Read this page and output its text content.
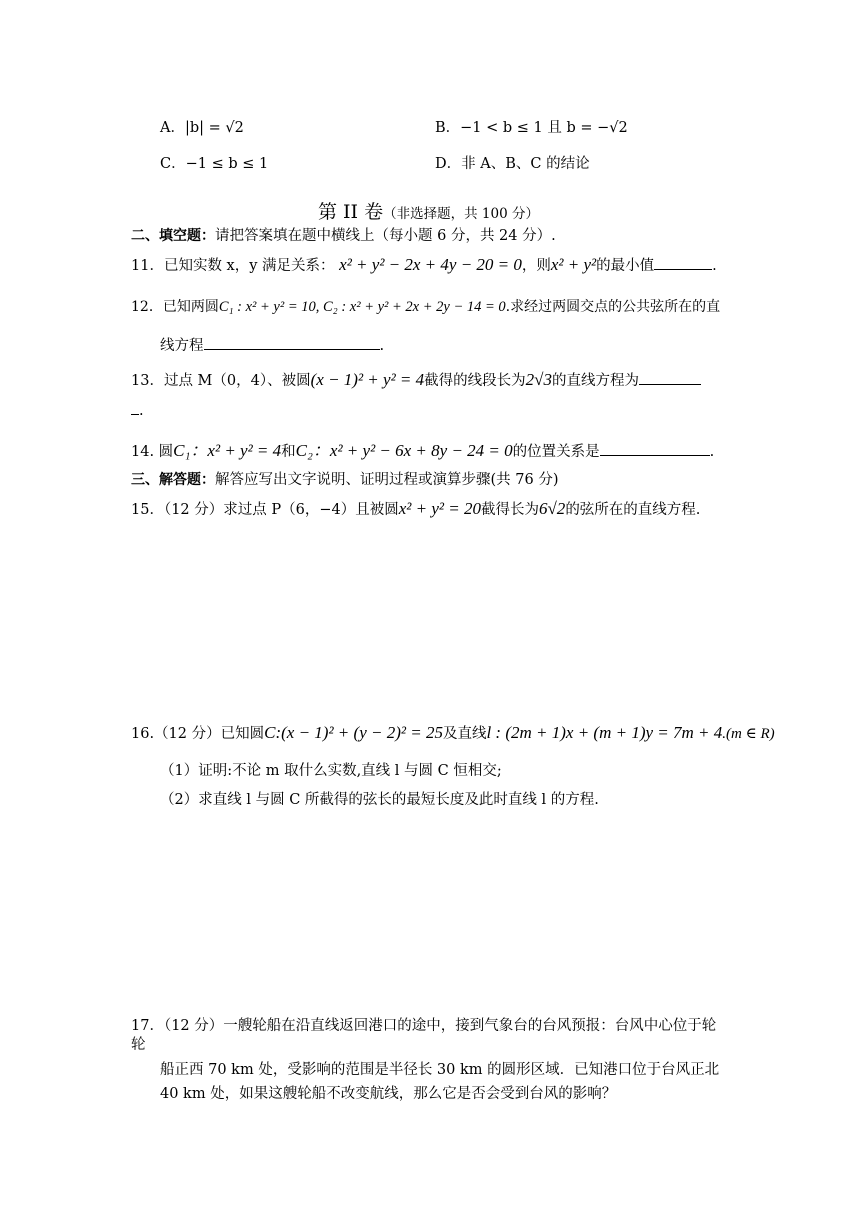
A．|b| = √2	B．−1 < b ≤ 1 且 b = −√2
C．−1 ≤ b ≤ 1	D．非 A、B、C 的结论
第 II 卷（非选择题，共 100 分）
二、填空题：请把答案填在题中横线上（每小题 6 分，共 24 分）.
11．已知实数 x，y 满足关系： x² + y² − 2x + 4y − 20 = 0，则x² + y²的最小值	.
12．已知两圆C₁ : x² + y² = 10, C₂ : x² + y² + 2x + 2y − 14 = 0.求经过两圆交点的公共弦所在的直
线方程	.
13．过点 M（0，4）、被圆(x − 1)² + y² = 4截得的线段长为2√3的直线方程为
.
14. 圆C₁：x² + y² = 4和C₂：x² + y² − 6x + 8y − 24 = 0的位置关系是	.
三、解答题：解答应写出文字说明、证明过程或演算步骤(共 76 分)
15．（12 分）求过点 P（6，−4）且被圆x² + y² = 20截得长为6√2的弦所在的直线方程.
16.（12 分）已知圆C:(x − 1)² + (y − 2)² = 25及直线l : (2m + 1)x + (m + 1)y = 7m + 4.(m ∈ R)
（1）证明:不论 m 取什么实数,直线 l 与圆 C 恒相交;
（2）求直线 l 与圆 C 所截得的弦长的最短长度及此时直线 l 的方程.
17．（12 分）一艘轮船在沿直线返回港口的途中，接到气象台的台风预报：台风中心位于轮
轮
船正西 70 km 处，受影响的范围是半径长 30 km 的圆形区域．已知港口位于台风正北
40 km 处，如果这艘轮船不改变航线，那么它是否会受到台风的影响？
